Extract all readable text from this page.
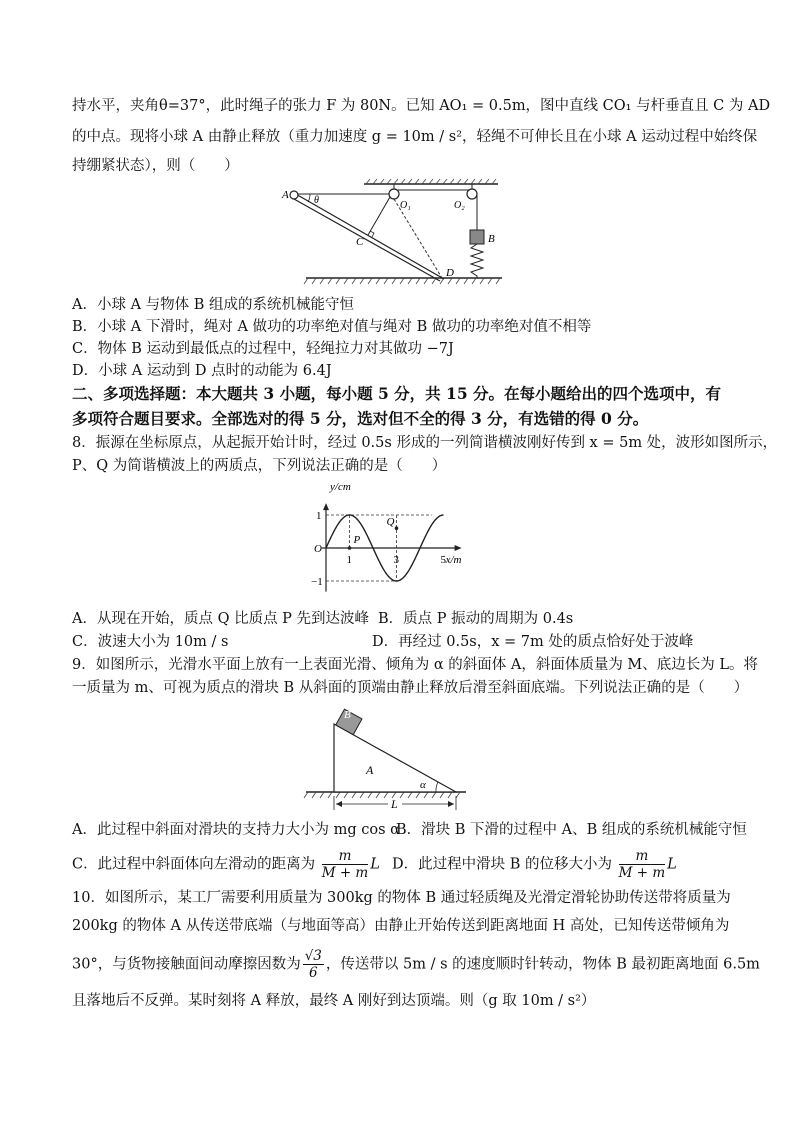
持水平，夹角θ=37°，此时绳子的张力 F 为 80N。已知 AO₁ = 0.5m，图中直线 CO₁ 与杆垂直且 C 为 AD
的中点。现将小球 A 由静止释放（重力加速度 g = 10m / s²，轻绳不可伸长且在小球 A 运动过程中始终保
持绷紧状态），则（　　）
A	θ	O₁	O₂
B
C
D
A．小球 A 与物体 B 组成的系统机械能守恒
B．小球 A 下滑时，绳对 A 做功的功率绝对值与绳对 B 做功的功率绝对值不相等
C．物体 B 运动到最低点的过程中，轻绳拉力对其做功 −7J
D．小球 A 运动到 D 点时的动能为 6.4J
二、多项选择题：本大题共 3 小题，每小题 5 分，共 15 分。在每小题给出的四个选项中，有
多项符合题目要求。全部选对的得 5 分，选对但不全的得 3 分，有选错的得 0 分。
8．振源在坐标原点，从起振开始计时，经过 0.5s 形成的一列简谐横波刚好传到 x = 5m 处，波形如图所示，
P、Q 为简谐横波上的两质点，下列说法正确的是（　　）
y/cm
x/m
O
1
−1
1	3	5
P
Q
A．从现在开始，质点 Q 比质点 P 先到达波峰 B．质点 P 振动的周期为 0.4s
C．波速大小为 10m / s	D．再经过 0.5s，x = 7m 处的质点恰好处于波峰
9．如图所示，光滑水平面上放有一上表面光滑、倾角为 α 的斜面体 A，斜面体质量为 M、底边长为 L。将
一质量为 m、可视为质点的滑块 B 从斜面的顶端由静止释放后滑至斜面底端。下列说法正确的是（　　）
B
A
α
L
A．此过程中斜面对滑块的支持力大小为 mg cos α
B．滑块 B 下滑的过程中 A、B 组成的系统机械能守恒
C．此过程中斜面体向左滑动的距离为 $\frac{m}{M + m}$ L D．此过程中滑块 B 的位移大小为 $\frac{m}{M + m}$ L
10．如图所示，某工厂需要利用质量为 300kg 的物体 B 通过轻质绳及光滑定滑轮协助传送带将质量为
200kg 的物体 A 从传送带底端（与地面等高）由静止开始传送到距离地面 H 高处，已知传送带倾角为
30°，与货物接触面间动摩擦因数为 $\frac{√3}{6}$ ，传送带以 5m / s 的速度顺时针转动，物体 B 最初距离地面 6.5m
且落地后不反弹。某时刻将 A 释放，最终 A 刚好到达顶端。则（g 取 10m / s²）
